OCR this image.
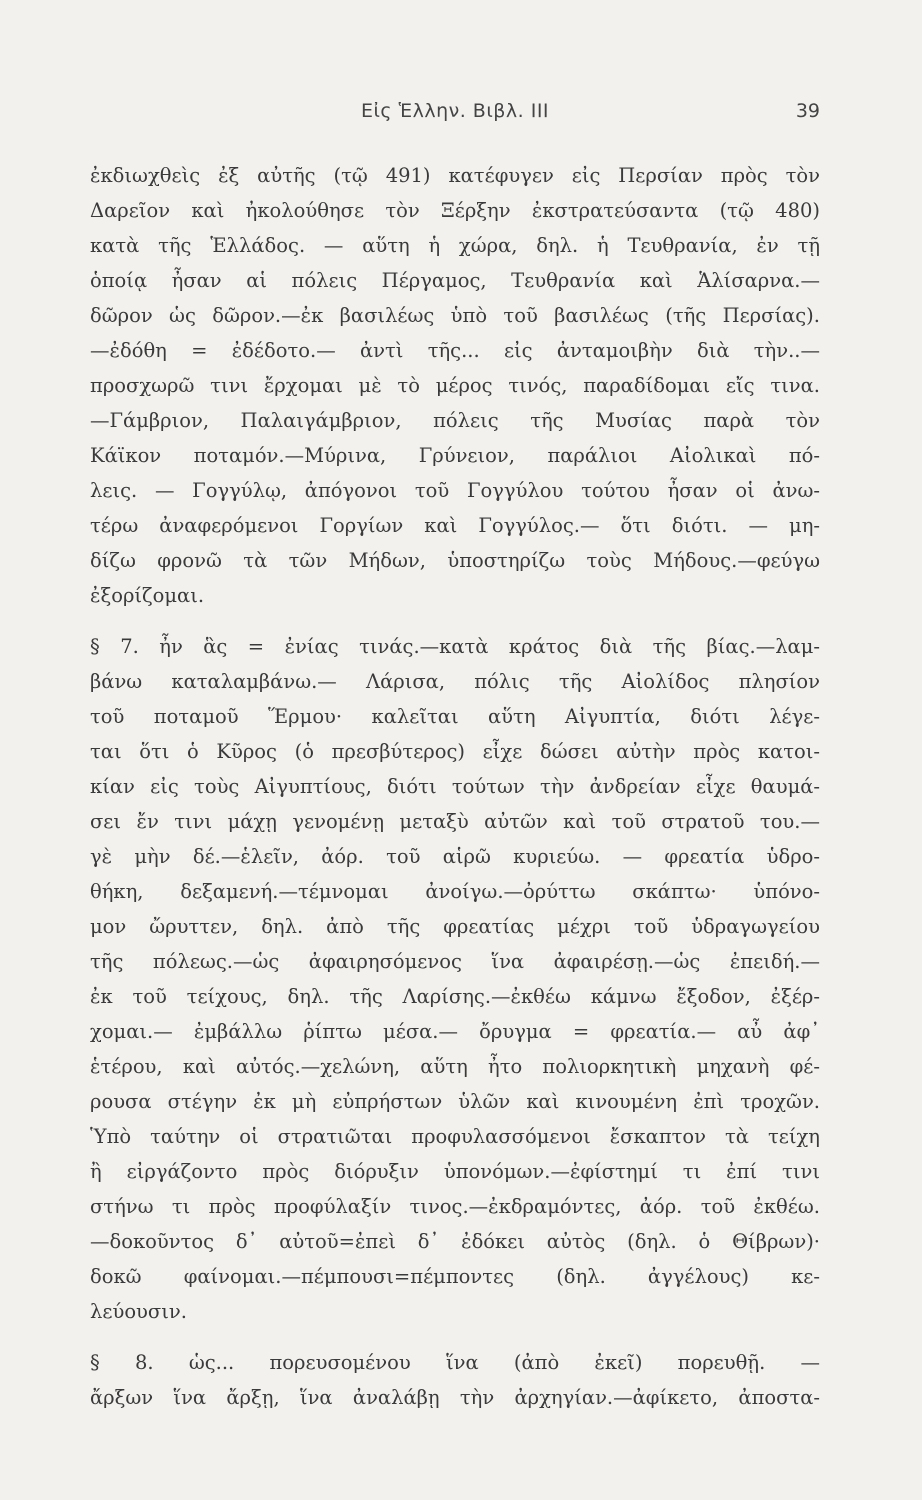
Εἰς Ἑλλην. Βιβλ. ΙΙΙ	39
ἐκδιωχθεὶς ἐξ αὐτῆς (τῷ 491) κατέφυγεν εἰς Περσίαν πρὸς τὸν
Δαρεῖον καὶ ἠκολούθησε τὸν Ξέρξην ἐκστρατεύσαντα (τῷ 480)
κατὰ τῆς Ἑλλάδος. — αὕτη ἡ χώρα, δηλ. ἡ Τευθρανία, ἐν τῇ
ὁποίᾳ ἦσαν αἱ πόλεις Πέργαμος, Τευθρανία καὶ Ἁλίσαρνα.—
δῶρον ὡς δῶρον.—ἐκ βασιλέως ὑπὸ τοῦ βασιλέως (τῆς Περσίας).
—ἐδόθη = ἐδέδοτο.— ἀντὶ τῆς... εἰς ἀνταμοιβὴν διὰ τὴν..—
προσχωρῶ τινι ἔρχομαι μὲ τὸ μέρος τινός, παραδίδομαι εἴς τινα.
—Γάμβριον, Παλαιγάμβριον, πόλεις τῆς Μυσίας παρὰ τὸν
Κάϊκον ποταμόν.—Μύρινα, Γρύνειον, παράλιοι Αἰολικαὶ πό-
λεις. — Γογγύλῳ, ἀπόγονοι τοῦ Γογγύλου τούτου ἦσαν οἱ ἀνω-
τέρω ἀναφερόμενοι Γοργίων καὶ Γογγύλος.— ὅτι διότι. — μη-
δίζω φρονῶ τὰ τῶν Μήδων, ὑποστηρίζω τοὺς Μήδους.—φεύγω
ἐξορίζομαι.
§ 7. ἦν ἃς = ἐνίας τινάς.—κατὰ κράτος διὰ τῆς βίας.—λαμ-
βάνω καταλαμβάνω.— Λάρισα, πόλις τῆς Αἰολίδος πλησίον
τοῦ ποταμοῦ Ἕρμου· καλεῖται αὕτη Αἰγυπτία, διότι λέγε-
ται ὅτι ὁ Κῦρος (ὁ πρεσβύτερος) εἶχε δώσει αὐτὴν πρὸς κατοι-
κίαν εἰς τοὺς Αἰγυπτίους, διότι τούτων τὴν ἀνδρείαν εἶχε θαυμά-
σει ἔν τινι μάχῃ γενομένῃ μεταξὺ αὐτῶν καὶ τοῦ στρατοῦ του.—
γὲ μὴν δέ.—ἑλεῖν, ἀόρ. τοῦ αἱρῶ κυριεύω. — φρεατία ὑδρο-
θήκη, δεξαμενή.—τέμνομαι ἀνοίγω.—ὀρύττω σκάπτω· ὑπόνο-
μον ὤρυττεν, δηλ. ἀπὸ τῆς φρεατίας μέχρι τοῦ ὑδραγωγείου
τῆς πόλεως.—ὡς ἀφαιρησόμενος ἵνα ἀφαιρέσῃ.—ὡς ἐπειδή.—
ἐκ τοῦ τείχους, δηλ. τῆς Λαρίσης.—ἐκθέω κάμνω ἔξοδον, ἐξέρ-
χομαι.— ἐμβάλλω ῥίπτω μέσα.— ὄρυγμα = φρεατία.— αὖ ἀφ᾽
ἑτέρου, καὶ αὐτός.—χελώνη, αὕτη ἦτο πολιορκητικὴ μηχανὴ φέ-
ρουσα στέγην ἐκ μὴ εὐπρήστων ὑλῶν καὶ κινουμένη ἐπὶ τροχῶν.
Ὑπὸ ταύτην οἱ στρατιῶται προφυλασσόμενοι ἔσκαπτον τὰ τείχη
ἢ εἰργάζοντο πρὸς διόρυξιν ὑπονόμων.—ἐφίστημί τι ἐπί τινι
στήνω τι πρὸς προφύλαξίν τινος.—ἐκδραμόντες, ἀόρ. τοῦ ἐκθέω.
—δοκοῦντος δ᾽ αὐτοῦ=ἐπεὶ δ᾽ ἐδόκει αὐτὸς (δηλ. ὁ Θίβρων)·
δοκῶ φαίνομαι.—πέμπουσι=πέμποντες (δηλ. ἀγγέλους) κε-
λεύουσιν.
§ 8. ὡς... πορευσομένου ἵνα (ἀπὸ ἐκεῖ) πορευθῇ. —
ἄρξων ἵνα ἄρξῃ, ἵνα ἀναλάβῃ τὴν ἀρχηγίαν.—ἀφίκετο, ἀποστα-
